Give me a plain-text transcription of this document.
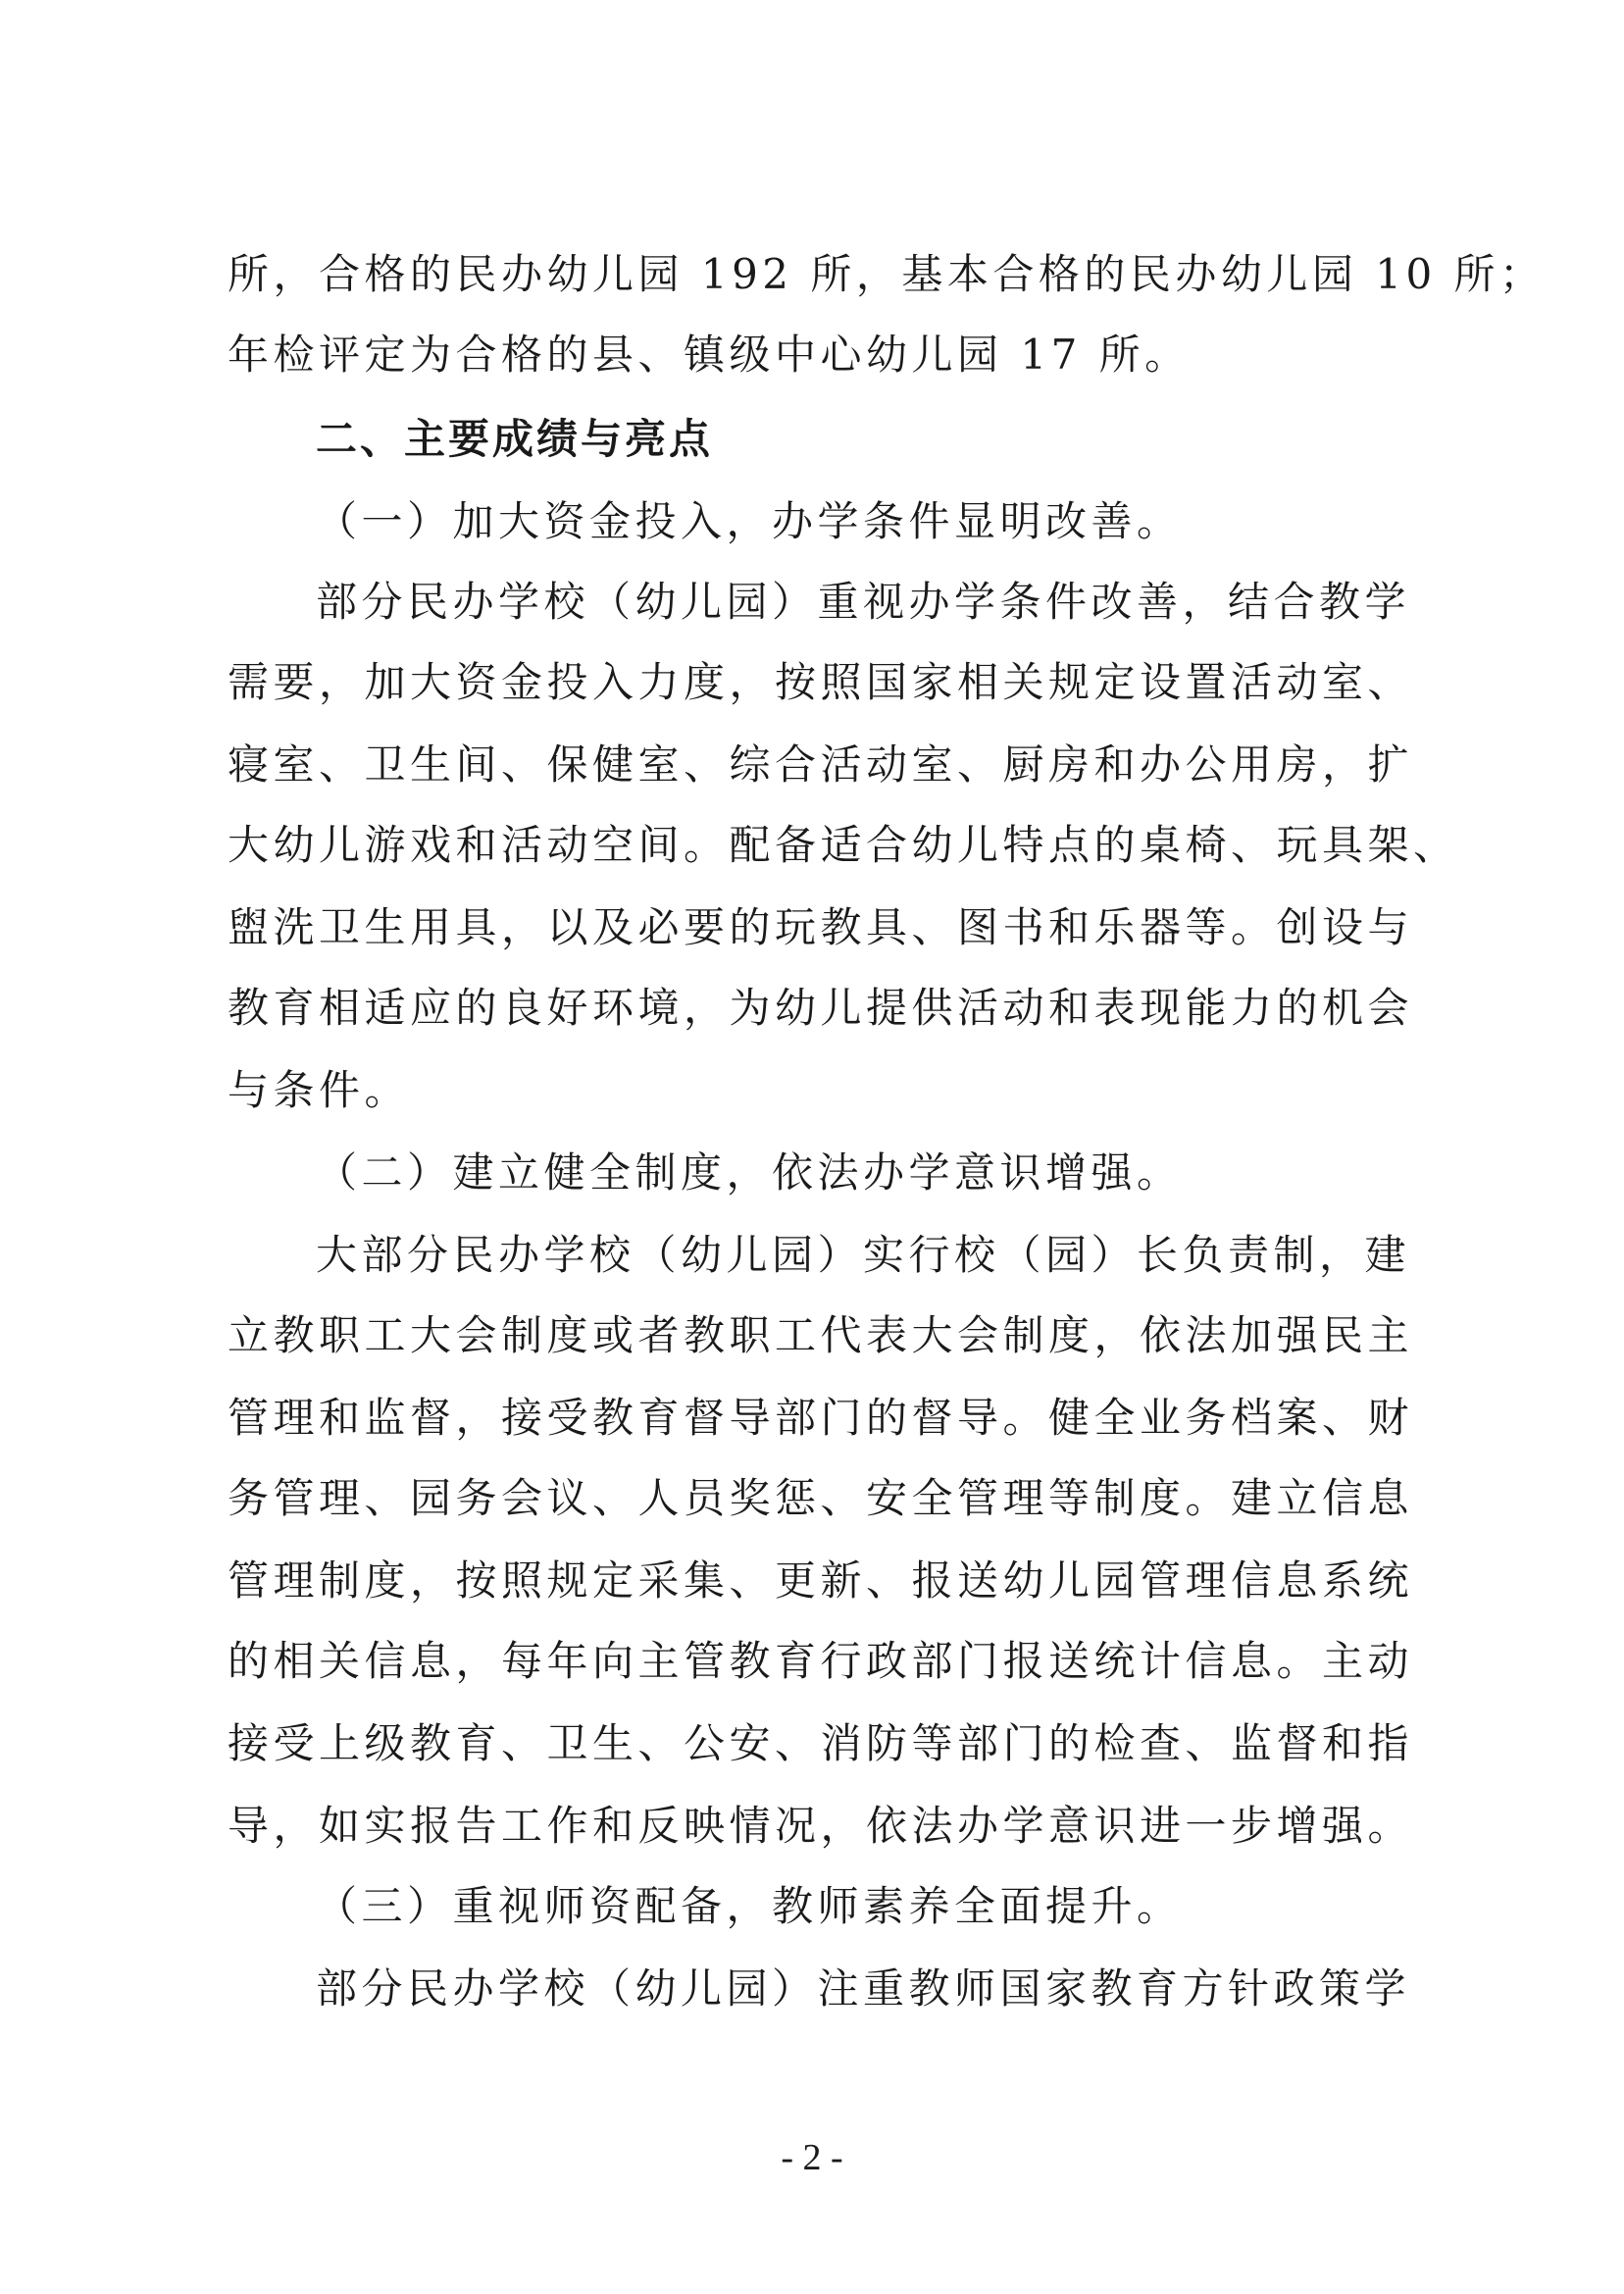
所，合格的民办幼儿园 192 所，基本合格的民办幼儿园 10 所；
年检评定为合格的县、镇级中心幼儿园 17 所。
二、主要成绩与亮点
（一）加大资金投入，办学条件显明改善。
部分民办学校（幼儿园）重视办学条件改善，结合教学
需要，加大资金投入力度，按照国家相关规定设置活动室、
寝室、卫生间、保健室、综合活动室、厨房和办公用房，扩
大幼儿游戏和活动空间。配备适合幼儿特点的桌椅、玩具架、
盥洗卫生用具，以及必要的玩教具、图书和乐器等。创设与
教育相适应的良好环境，为幼儿提供活动和表现能力的机会
与条件。
（二）建立健全制度，依法办学意识增强。
大部分民办学校（幼儿园）实行校（园）长负责制，建
立教职工大会制度或者教职工代表大会制度，依法加强民主
管理和监督，接受教育督导部门的督导。健全业务档案、财
务管理、园务会议、人员奖惩、安全管理等制度。建立信息
管理制度，按照规定采集、更新、报送幼儿园管理信息系统
的相关信息，每年向主管教育行政部门报送统计信息。主动
接受上级教育、卫生、公安、消防等部门的检查、监督和指
导，如实报告工作和反映情况，依法办学意识进一步增强。
（三）重视师资配备，教师素养全面提升。
部分民办学校（幼儿园）注重教师国家教育方针政策学
- 2 -
